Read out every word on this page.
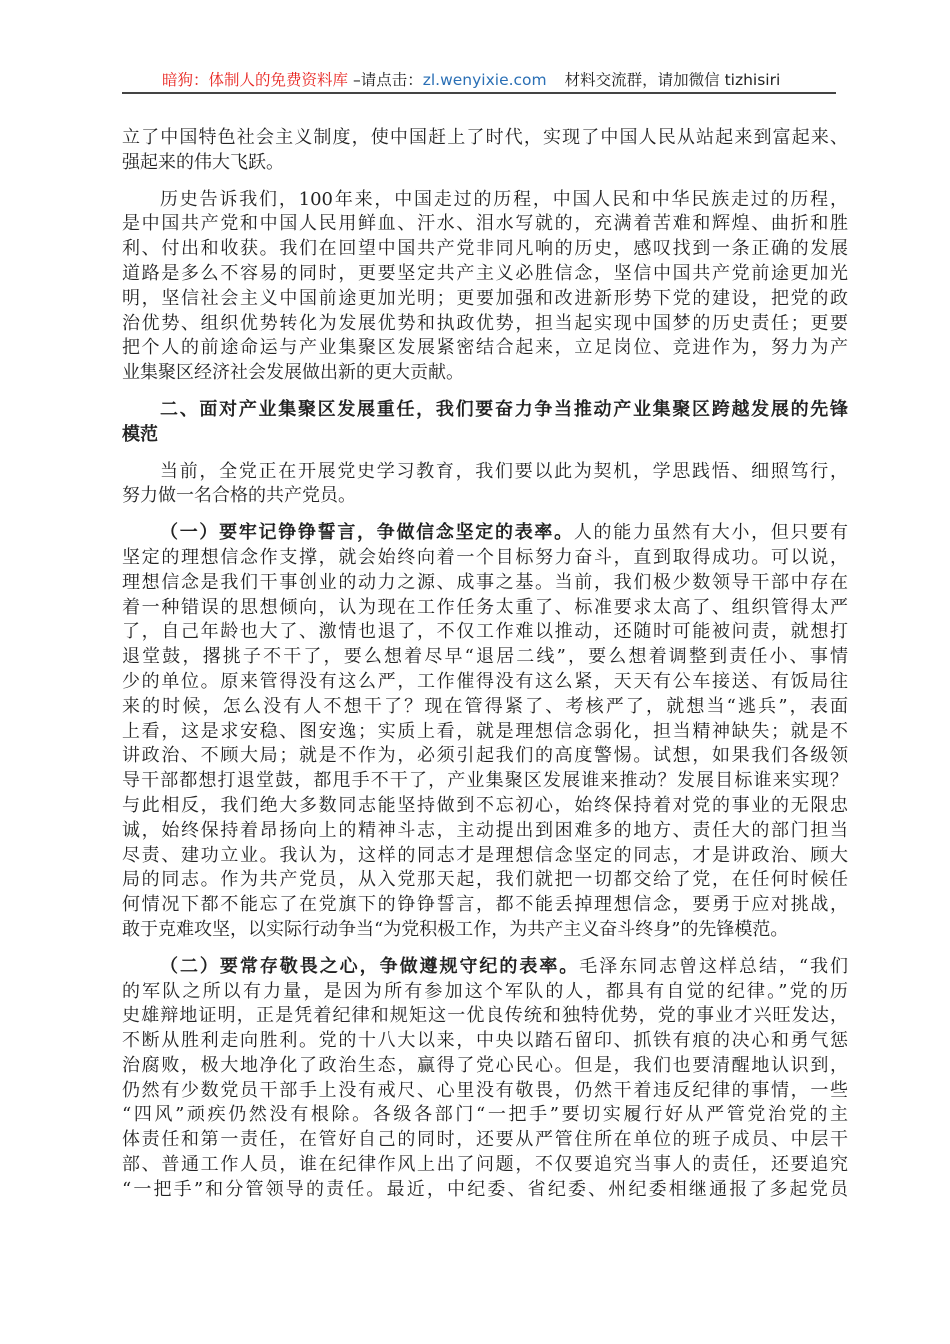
暗狗：体制人的免费资料库 –请点击：zl.wenyixie.com 材料交流群，请加微信 tizhisiri
立了中国特色社会主义制度，使中国赶上了时代，实现了中国人民从站起来到富起来、
强起来的伟大飞跃。
历史告诉我们，100年来，中国走过的历程，中国人民和中华民族走过的历程，
是中国共产党和中国人民用鲜血、汗水、泪水写就的，充满着苦难和辉煌、曲折和胜
利、付出和收获。我们在回望中国共产党非同凡响的历史，感叹找到一条正确的发展
道路是多么不容易的同时，更要坚定共产主义必胜信念，坚信中国共产党前途更加光
明，坚信社会主义中国前途更加光明；更要加强和改进新形势下党的建设，把党的政
治优势、组织优势转化为发展优势和执政优势，担当起实现中国梦的历史责任；更要
把个人的前途命运与产业集聚区发展紧密结合起来，立足岗位、竞进作为，努力为产
业集聚区经济社会发展做出新的更大贡献。
二、面对产业集聚区发展重任，我们要奋力争当推动产业集聚区跨越发展的先锋
模范
当前，全党正在开展党史学习教育，我们要以此为契机，学思践悟、细照笃行，
努力做一名合格的共产党员。
（一）要牢记铮铮誓言，争做信念坚定的表率。人的能力虽然有大小，但只要有
坚定的理想信念作支撑，就会始终向着一个目标努力奋斗，直到取得成功。可以说，
理想信念是我们干事创业的动力之源、成事之基。当前，我们极少数领导干部中存在
着一种错误的思想倾向，认为现在工作任务太重了、标准要求太高了、组织管得太严
了，自己年龄也大了、激情也退了，不仅工作难以推动，还随时可能被问责，就想打
退堂鼓，撂挑子不干了，要么想着尽早“退居二线”，要么想着调整到责任小、事情
少的单位。原来管得没有这么严，工作催得没有这么紧，天天有公车接送、有饭局往
来的时候，怎么没有人不想干了？现在管得紧了、考核严了，就想当“逃兵”，表面
上看，这是求安稳、图安逸；实质上看，就是理想信念弱化，担当精神缺失；就是不
讲政治、不顾大局；就是不作为，必须引起我们的高度警惕。试想，如果我们各级领
导干部都想打退堂鼓，都甩手不干了，产业集聚区发展谁来推动？发展目标谁来实现？
与此相反，我们绝大多数同志能坚持做到不忘初心，始终保持着对党的事业的无限忠
诚，始终保持着昂扬向上的精神斗志，主动提出到困难多的地方、责任大的部门担当
尽责、建功立业。我认为，这样的同志才是理想信念坚定的同志，才是讲政治、顾大
局的同志。作为共产党员，从入党那天起，我们就把一切都交给了党，在任何时候任
何情况下都不能忘了在党旗下的铮铮誓言，都不能丢掉理想信念，要勇于应对挑战，
敢于克难攻坚，以实际行动争当“为党积极工作，为共产主义奋斗终身”的先锋模范。
（二）要常存敬畏之心，争做遵规守纪的表率。毛泽东同志曾这样总结，“我们
的军队之所以有力量，是因为所有参加这个军队的人，都具有自觉的纪律。”党的历
史雄辩地证明，正是凭着纪律和规矩这一优良传统和独特优势，党的事业才兴旺发达，
不断从胜利走向胜利。党的十八大以来，中央以踏石留印、抓铁有痕的决心和勇气惩
治腐败，极大地净化了政治生态，赢得了党心民心。但是，我们也要清醒地认识到，
仍然有少数党员干部手上没有戒尺、心里没有敬畏，仍然干着违反纪律的事情，一些
“四风”顽疾仍然没有根除。各级各部门“一把手”要切实履行好从严管党治党的主
体责任和第一责任，在管好自己的同时，还要从严管住所在单位的班子成员、中层干
部、普通工作人员，谁在纪律作风上出了问题，不仅要追究当事人的责任，还要追究
“一把手”和分管领导的责任。最近，中纪委、省纪委、州纪委相继通报了多起党员
